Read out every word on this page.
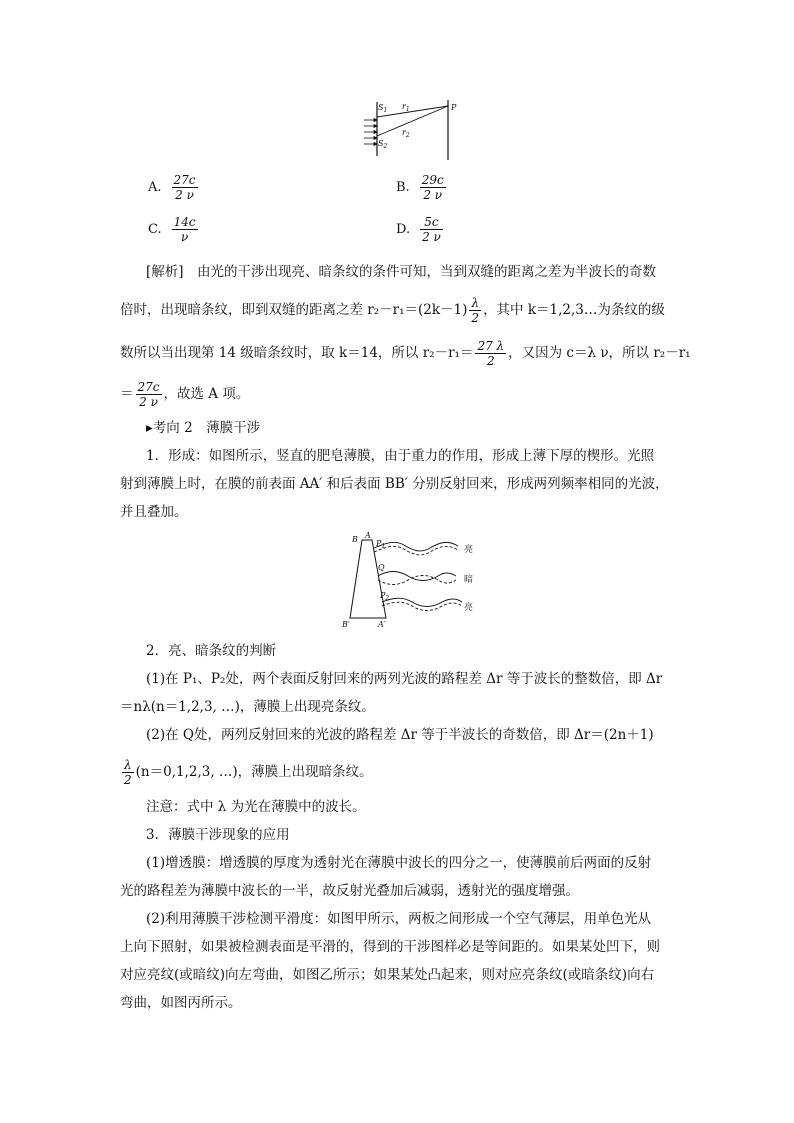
$S_1$
$S_2$
$r_1$
$r_2$
P
A. $\frac{27c}{2 \nu}$	B. $\frac{29c}{2 \nu}$
C. $\frac{14c}{\nu}$	D. $\frac{5c}{2 \nu}$
[解析]　由光的干涉出现亮、暗条纹的条件可知，当到双缝的距离之差为半波长的奇数
倍时，出现暗条纹，即到双缝的距离之差 $r_2-r_1=(2k-1) \frac{\lambda}{2}$ ，其中 k＝1,2,3…为条纹的级
数所以当出现第 14 级暗条纹时，取 k＝14，所以 $r_2-r_1= \frac{27 \lambda}{2}$ ，又因为 c＝λ ν，所以 r₂－r₁
＝ $\frac{27c}{2 \nu}$ ，故选 A 项。
▸考向 2　薄膜干涉
1．形成：如图所示，竖直的肥皂薄膜，由于重力的作用，形成上薄下厚的楔形。光照
射到薄膜上时，在膜的前表面 AA′ 和后表面 BB′ 分别反射回来，形成两列频率相同的光波，
并且叠加。
B A
$P_1$
Q
$P_2$
B′	A′
亮
暗
亮
2．亮、暗条纹的判断
(1)在 P₁、P₂处，两个表面反射回来的两列光波的路程差 Δr 等于波长的整数倍，即 Δr
＝nλ(n＝1,2,3, …)，薄膜上出现亮条纹。
(2)在 Q处，两列反射回来的光波的路程差 Δr 等于半波长的奇数倍，即 Δr＝(2n＋1)
$\frac{\lambda}{2} (n=0,1,2,3$, …)，薄膜上出现暗条纹。
注意：式中 λ 为光在薄膜中的波长。
3．薄膜干涉现象的应用
(1)增透膜：增透膜的厚度为透射光在薄膜中波长的四分之一，使薄膜前后两面的反射
光的路程差为薄膜中波长的一半，故反射光叠加后减弱，透射光的强度增强。
(2)利用薄膜干涉检测平滑度：如图甲所示，两板之间形成一个空气薄层，用单色光从
上向下照射，如果被检测表面是平滑的，得到的干涉图样必是等间距的。如果某处凹下，则
对应亮纹(或暗纹)向左弯曲，如图乙所示；如果某处凸起来，则对应亮条纹(或暗条纹)向右
弯曲，如图丙所示。
